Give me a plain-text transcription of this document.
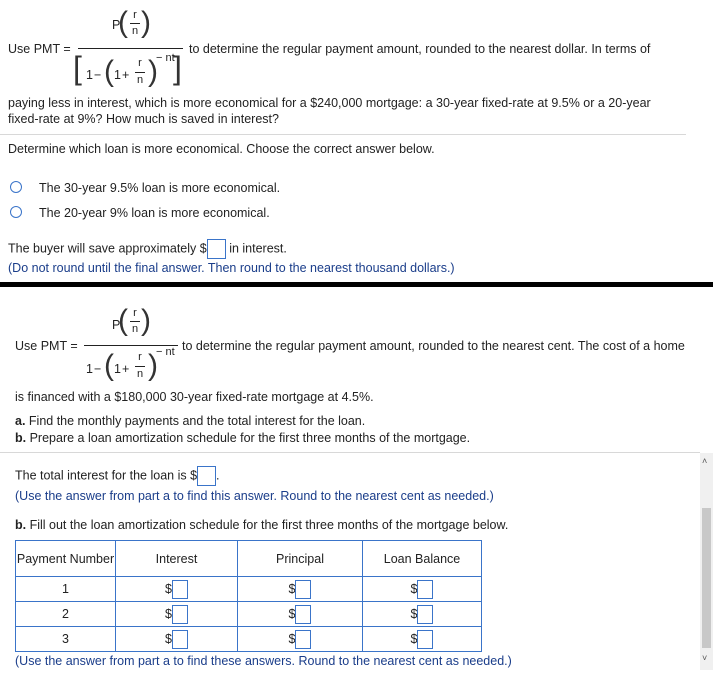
Use PMT =
P
( r
n )
[ 1 − ( 1 +
r
n )
− nt
]
to determine the regular payment amount, rounded to the nearest dollar. In terms of
paying less in interest, which is more economical for a $240,000 mortgage: a 30-year fixed-rate at 9.5% or a 20-year
fixed-rate at 9%? How much is saved in interest?
Determine which loan is more economical. Choose the correct answer below.
The 30-year 9.5% loan is more economical.
The 20-year 9% loan is more economical.
The buyer will save approximately $ in interest.
(Do not round until the final answer. Then round to the nearest thousand dollars.)
Use PMT =
P
( r
n )
1 − ( 1 +
r
n )
− nt to determine the regular payment amount, rounded to the nearest cent. The cost of a home
is financed with a $180,000 30-year fixed-rate mortgage at 4.5%.
a. Find the monthly payments and the total interest for the loan.
b. Prepare a loan amortization schedule for the first three months of the mortgage.
The total interest for the loan is $ .
(Use the answer from part a to find this answer. Round to the nearest cent as needed.)
b. Fill out the loan amortization schedule for the first three months of the mortgage below.
Payment Number	Interest	Principal	Loan Balance
1	$	$	$
2	$	$	$
3	$	$	$
(Use the answer from part a to find these answers. Round to the nearest cent as needed.)
˄
˅
